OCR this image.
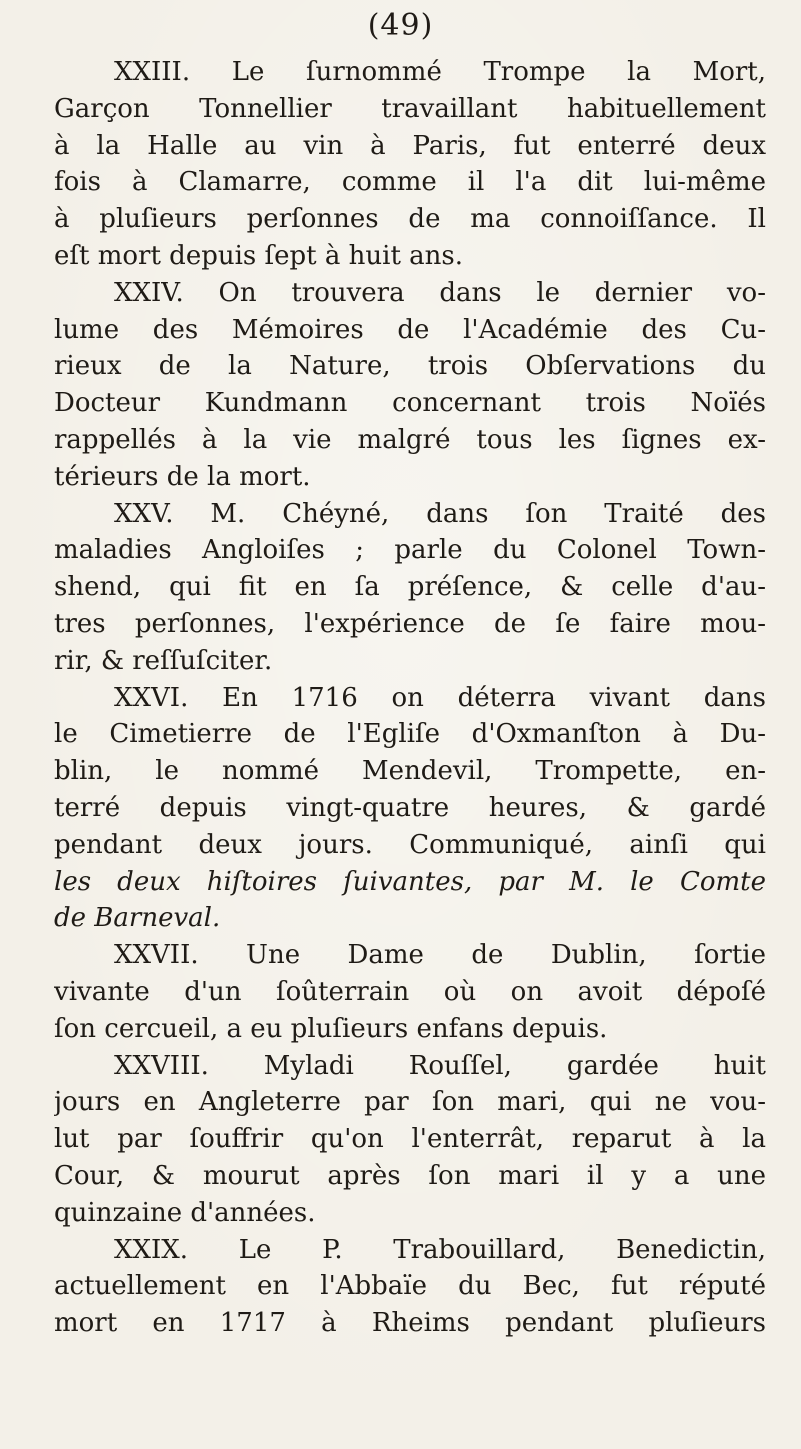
(49)
XXIII. Le ſurnommé Trompe la Mort,
Garçon Tonnellier travaillant habituellement
à la Halle au vin à Paris, fut enterré deux
fois à Clamarre, comme il l'a dit lui-même
à pluſieurs perſonnes de ma connoiſſance. Il
eſt mort depuis ſept à huit ans.
XXIV. On trouvera dans le dernier vo-
lume des Mémoires de l'Académie des Cu-
rieux de la Nature, trois Obſervations du
Docteur Kundmann concernant trois Noïés
rappellés à la vie malgré tous les ſignes ex-
térieurs de la mort.
XXV. M. Chéyné, dans ſon Traité des
maladies Angloiſes ; parle du Colonel Town-
shend, qui fit en ſa préſence, & celle d'au-
tres perſonnes, l'expérience de ſe faire mou-
rir, & reſſuſciter.
XXVI. En 1716 on déterra vivant dans
le Cimetierre de l'Egliſe d'Oxmanſton à Du-
blin, le nommé Mendevil, Trompette, en-
terré depuis vingt-quatre heures, & gardé
pendant deux jours. Communiqué, ainſi qui
les deux hiſtoires ſuivantes, par M. le Comte
de Barneval.
XXVII. Une Dame de Dublin, ſortie
vivante d'un ſoûterrain où on avoit dépoſé
ſon cercueil, a eu pluſieurs enfans depuis.
XXVIII. Myladi Rouſſel, gardée huit
jours en Angleterre par ſon mari, qui ne vou-
lut par ſouffrir qu'on l'enterrât, reparut à la
Cour, & mourut après ſon mari il y a une
quinzaine d'années.
XXIX. Le P. Trabouillard, Benedictin,
actuellement en l'Abbaïe du Bec, fut réputé
mort en 1717 à Rheims pendant pluſieurs
